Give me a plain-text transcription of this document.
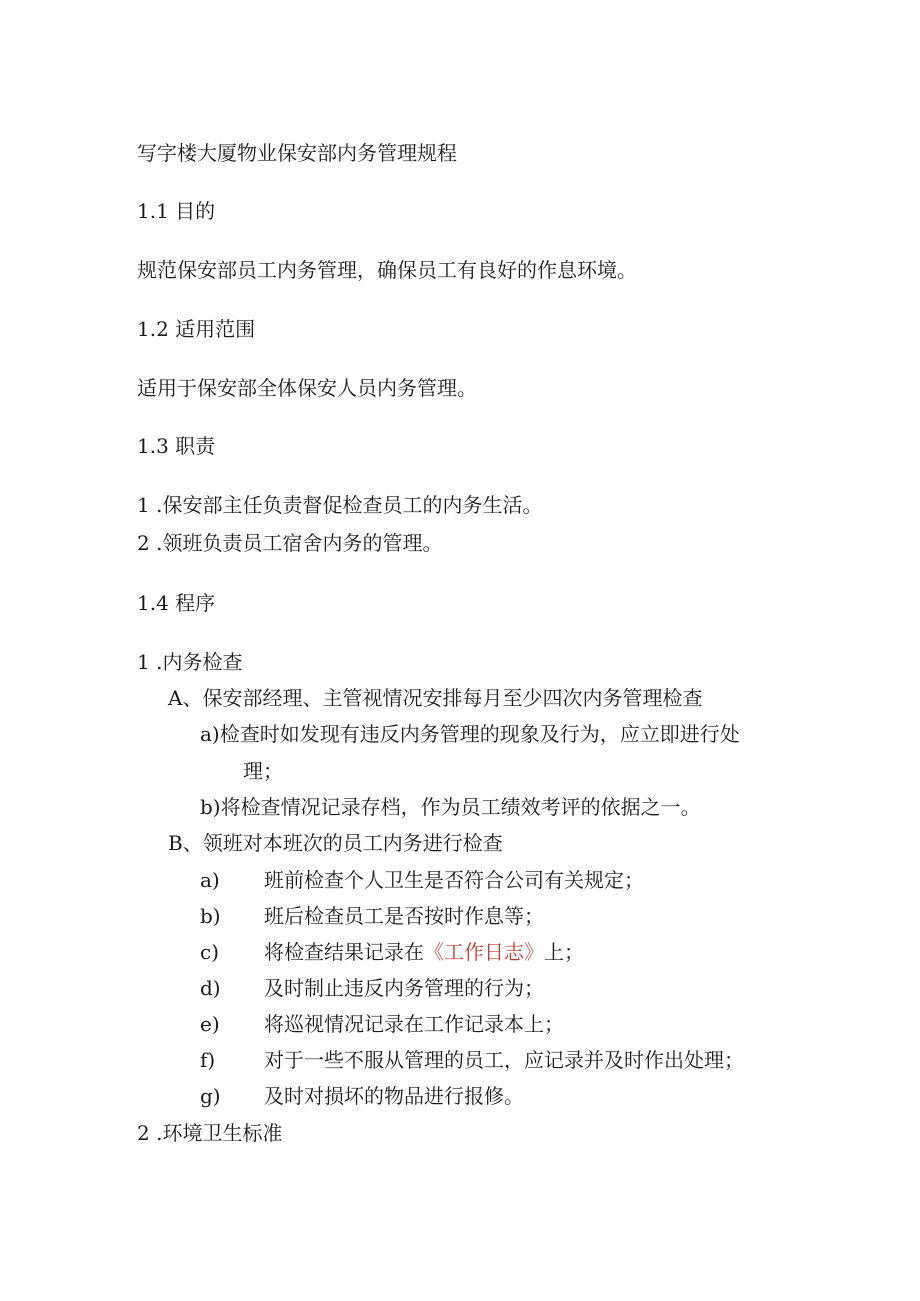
写字楼大厦物业保安部内务管理规程
1.1 目的
规范保安部员工内务管理，确保员工有良好的作息环境。
1.2 适用范围
适用于保安部全体保安人员内务管理。
1.3 职责
1 .保安部主任负责督促检查员工的内务生活。
2 .领班负责员工宿舍内务的管理。
1.4 程序
1 .内务检查
A、保安部经理、主管视情况安排每月至少四次内务管理检查
a)检查时如发现有违反内务管理的现象及行为，应立即进行处
理；
b)将检查情况记录存档，作为员工绩效考评的依据之一。
B、领班对本班次的员工内务进行检查
a) 班前检查个人卫生是否符合公司有关规定；
b) 班后检查员工是否按时作息等；
c) 将检查结果记录在《工作日志》上；
d) 及时制止违反内务管理的行为；
e) 将巡视情况记录在工作记录本上；
f) 对于一些不服从管理的员工，应记录并及时作出处理；
g) 及时对损坏的物品进行报修。
2 .环境卫生标准
